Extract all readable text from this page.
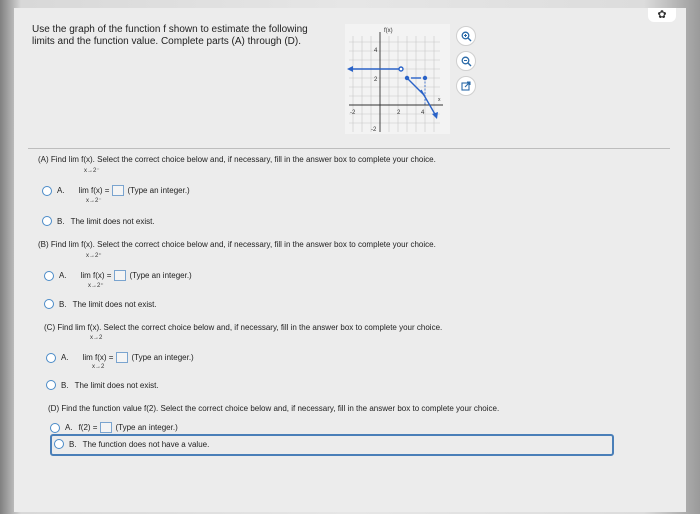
✿
Use the graph of the function f shown to estimate the following limits and the function value. Complete parts (A) through (D).
f(x)
x
4
2
-2
-2	2	4
(A) Find lim f(x). Select the correct choice below and, if necessary, fill in the answer box to complete your choice.
x→2⁻
A. lim f(x) = (Type an integer.)
x→2⁻
B. The limit does not exist.
(B) Find lim f(x). Select the correct choice below and, if necessary, fill in the answer box to complete your choice.
x→2⁺
A. lim f(x) = (Type an integer.)
x→2⁺
B. The limit does not exist.
(C) Find lim f(x). Select the correct choice below and, if necessary, fill in the answer box to complete your choice.
x→2
A. lim f(x) = (Type an integer.)
x→2
B. The limit does not exist.
(D) Find the function value f(2). Select the correct choice below and, if necessary, fill in the answer box to complete your choice.
A. f(2) = (Type an integer.)
B. The function does not have a value.
